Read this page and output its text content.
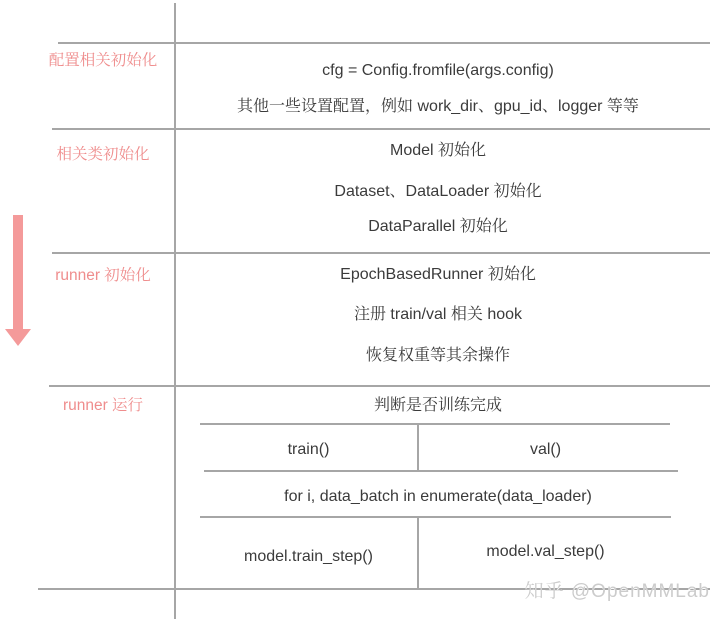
配置相关初始化
相关类初始化
runner 初始化
runner 运行
cfg = Config.fromfile(args.config)
其他一些设置配置，例如 work_dir、gpu_id、logger 等等
Model 初始化
Dataset、DataLoader 初始化
DataParallel 初始化
EpochBasedRunner 初始化
注册 train/val 相关 hook
恢复权重等其余操作
判断是否训练完成
train()	val()
for i, data_batch in enumerate(data_loader)
model.train_step()	model.val_step()
知乎 @OpenMMLab
